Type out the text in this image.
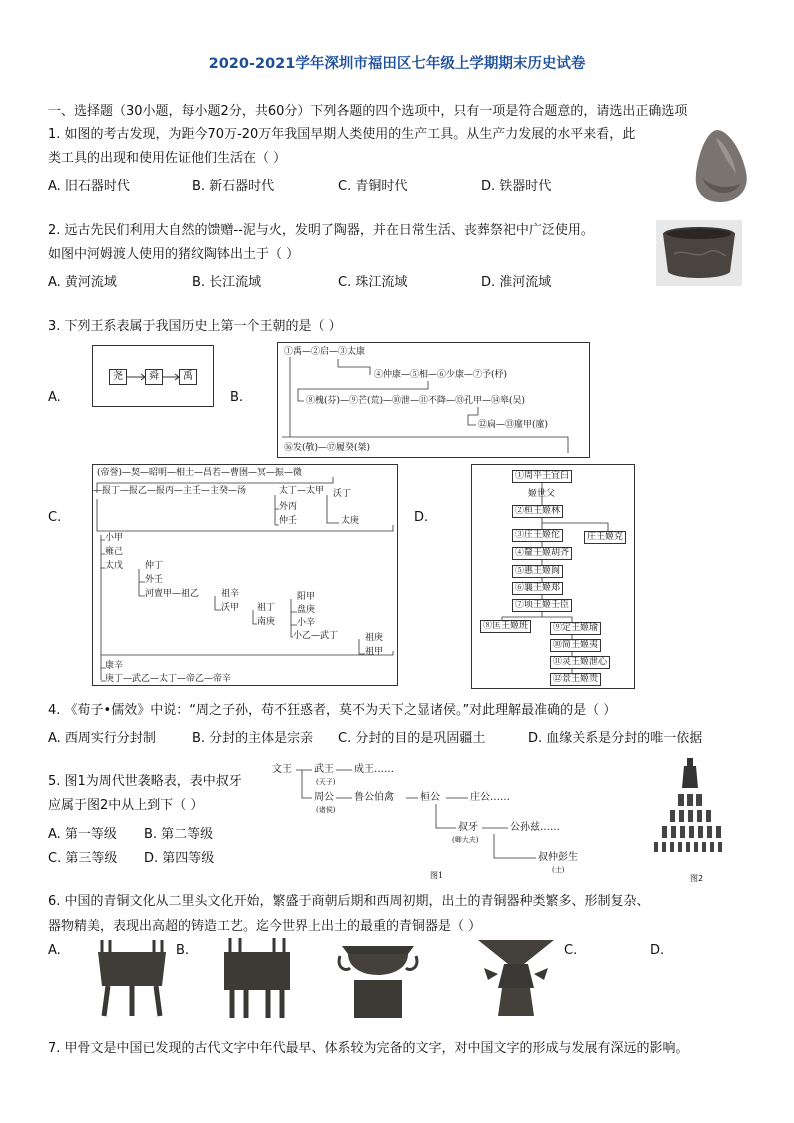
2020-2021学年深圳市福田区七年级上学期期末历史试卷
一、选择题（30小题，每小题2分，共60分）下列各题的四个选项中，只有一项是符合题意的，请选出正确选项
1. 如图的考古发现，为距今70万-20万年我国早期人类使用的生产工具。从生产力发展的水平来看，此
类工具的出现和使用佐证他们生活在（ ）
A. 旧石器时代	B. 新石器时代	C. 青铜时代	D. 铁器时代
2. 远古先民们利用大自然的馈赠--泥与火，发明了陶器，并在日常生活、丧葬祭祀中广泛使用。
如图中河姆渡人使用的猪纹陶钵出土于（ ）
A. 黄河流域	B. 长江流域	C. 珠江流域	D. 淮河流域
3. 下列王系表属于我国历史上第一个王朝的是（ ）
A.	B.
C.	D.
尧	舜	禹
①禹—②启—③太康
④仲康—⑤相—⑥少康—⑦予(杼)
⑧槐(芬)—⑨芒(荒)—⑩泄—⑪不降—⑬孔甲—⑭皋(吴)
⑫扃—⑬廑甲(廑)
⑯发(敬)—⑰履癸(桀)
(帝誉)—契—昭明—相土—昌若—曹圉—冥—振—微
—报丁—报乙—报丙—主壬—主癸—汤	太丁—太甲 沃丁
外丙
仲壬	太庚
小甲
雍己
太戊 仲丁
外壬
河亶甲—祖乙 祖辛
沃甲 祖丁
南庚
阳甲
盘庚
小辛
小乙—武丁	祖庚
祖甲
康辛
庚丁—武乙—太丁—帝乙—帝辛
①周平王宜臼
姬世父
②桓王姬林
③庄王姬佗	庄王姬克
④釐王姬胡齐
⑤惠王姬阆
⑥襄王姬郑
⑦顷王姬壬臣
⑧匡王姬班	⑨定王姬瑜
⑩简王姬夷
⑪灵王姬泄心
⑫景王姬贵
4. 《荀子•儒效》中说：“周之子孙，苟不狂惑者，莫不为天下之显诸侯。”对此理解最准确的是（ ）
A. 西周实行分封制	B. 分封的主体是宗亲 C. 分封的目的是巩固疆土	D. 血缘关系是分封的唯一依据
5. 图1为周代世袭略表，表中叔牙
应属于图2中从上到下（ ）
A. 第一等级 B. 第二等级
C. 第三等级 D. 第四等级
文王 武王
(天子)
成王……
周公
(诸侯)
鲁公伯禽	桓公	庄公……
叔牙
(卿大夫)
公孙兹……
叔仲彭生
(士)
图1	图2
6. 中国的青铜文化从二里头文化开始，繁盛于商朝后期和西周初期，出土的青铜器种类繁多、形制复杂、
器物精美，表现出高超的铸造工艺。迄今世界上出土的最重的青铜器是（ ）
A.	B.	C.	D.
7. 甲骨文是中国已发现的古代文字中年代最早、体系较为完备的文字，对中国文字的形成与发展有深远的影响。
